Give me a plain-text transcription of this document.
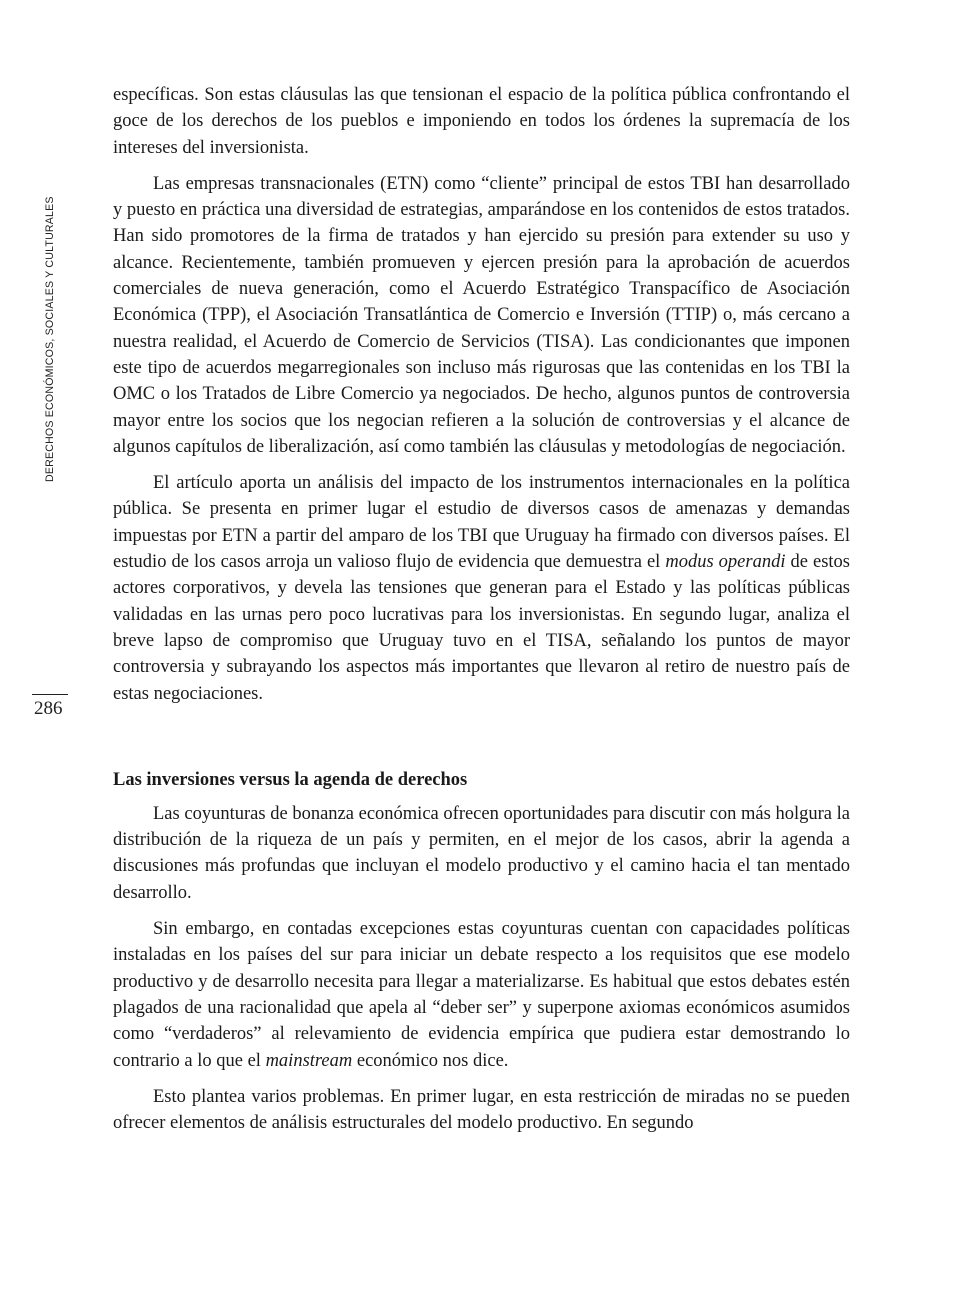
DERECHOS ECONÓMICOS, SOCIALES Y CULTURALES
286

específicas. Son estas cláusulas las que tensionan el espacio de la política pública confrontando el goce de los derechos de los pueblos e imponiendo en todos los órdenes la supremacía de los intereses del inversionista.

Las empresas transnacionales (ETN) como “cliente” principal de estos TBI han desarrollado y puesto en práctica una diversidad de estrategias, amparándose en los contenidos de estos tratados. Han sido promotores de la firma de tratados y han ejercido su presión para extender su uso y alcance. Recientemente, también promueven y ejercen presión para la aprobación de acuerdos comerciales de nueva generación, como el Acuerdo Estratégico Transpacífico de Asociación Económica (TPP), el Asociación Transatlántica de Comercio e Inversión (TTIP) o, más cercano a nuestra realidad, el Acuerdo de Comercio de Servicios (TISA). Las condicionantes que imponen este tipo de acuerdos megarregionales son incluso más rigurosas que las contenidas en los TBI la OMC o los Tratados de Libre Comercio ya negociados. De hecho, algunos puntos de controversia mayor entre los socios que los negocian refieren a la solución de controversias y el alcance de algunos capítulos de liberalización, así como también las cláusulas y metodologías de negociación.

El artículo aporta un análisis del impacto de los instrumentos internacionales en la política pública. Se presenta en primer lugar el estudio de diversos casos de amenazas y demandas impuestas por ETN a partir del amparo de los TBI que Uruguay ha firmado con diversos países. El estudio de los casos arroja un valioso flujo de evidencia que demuestra el modus operandi de estos actores corporativos, y devela las tensiones que generan para el Estado y las políticas públicas validadas en las urnas pero poco lucrativas para los inversionistas. En segundo lugar, analiza el breve lapso de compromiso que Uruguay tuvo en el TISA, señalando los puntos de mayor controversia y subrayando los aspectos más importantes que llevaron al retiro de nuestro país de estas negociaciones.

Las inversiones versus la agenda de derechos

Las coyunturas de bonanza económica ofrecen oportunidades para discutir con más holgura la distribución de la riqueza de un país y permiten, en el mejor de los casos, abrir la agenda a discusiones más profundas que incluyan el modelo productivo y el camino hacia el tan mentado desarrollo.

Sin embargo, en contadas excepciones estas coyunturas cuentan con capacidades políticas instaladas en los países del sur para iniciar un debate respecto a los requisitos que ese modelo productivo y de desarrollo necesita para llegar a materializarse. Es habitual que estos debates estén plagados de una racionalidad que apela al “deber ser” y superpone axiomas económicos asumidos como “verdaderos” al relevamiento de evidencia empírica que pudiera estar demostrando lo contrario a lo que el mainstream económico nos dice.

Esto plantea varios problemas. En primer lugar, en esta restricción de miradas no se pueden ofrecer elementos de análisis estructurales del modelo productivo. En segundo
